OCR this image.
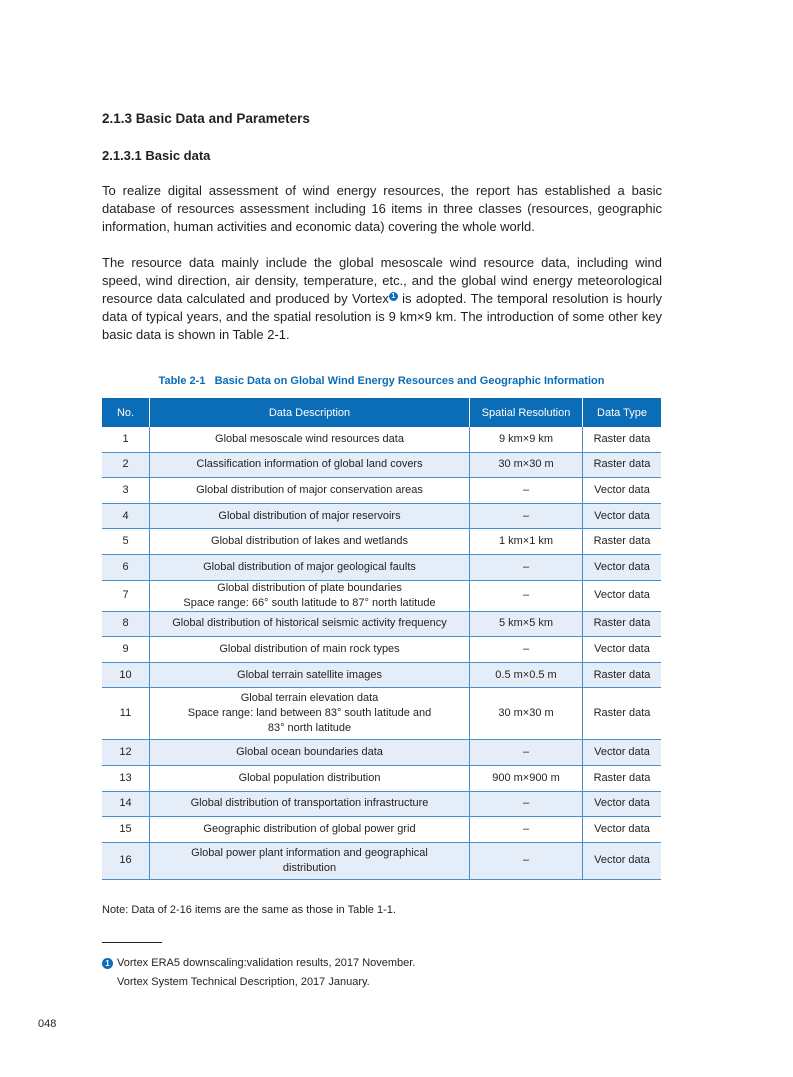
2.1.3 Basic Data and Parameters
2.1.3.1 Basic data

To realize digital assessment of wind energy resources, the report has established a basic database of resources assessment including 16 items in three classes (resources, geographic information, human activities and economic data) covering the whole world.

The resource data mainly include the global mesoscale wind resource data, including wind speed, wind direction, air density, temperature, etc., and the global wind energy meteorological resource data calculated and produced by Vortex $^1$ is adopted. The temporal resolution is hourly data of typical years, and the spatial resolution is 9 km×9 km. The introduction of some other key basic data is shown in Table 2-1.

Table 2-1   Basic Data on Global Wind Energy Resources and Geographic Information
No.	Data Description	Spatial Resolution	Data Type
1	Global mesoscale wind resources data	9 km×9 km	Raster data
2	Classification information of global land covers	30 m×30 m	Raster data
3	Global distribution of major conservation areas	–	Vector data
4	Global distribution of major reservoirs	–	Vector data
5	Global distribution of lakes and wetlands	1 km×1 km	Raster data
6	Global distribution of major geological faults	–	Vector data
7	Global distribution of plate boundaries
Space range: 66° south latitude to 87° north latitude	–	Vector data
8	Global distribution of historical seismic activity frequency	5 km×5 km	Raster data
9	Global distribution of main rock types	–	Vector data
10	Global terrain satellite images	0.5 m×0.5 m	Raster data
11	Global terrain elevation data
Space range: land between 83° south latitude and 83° north latitude	30 m×30 m	Raster data
12	Global ocean boundaries data	–	Vector data
13	Global population distribution	900 m×900 m	Raster data
14	Global distribution of transportation infrastructure	–	Vector data
15	Geographic distribution of global power grid	–	Vector data
16	Global power plant information and geographical distribution	–	Vector data
Note: Data of 2-16 items are the same as those in Table 1-1.
1 Vortex ERA5 downscaling:validation results, 2017 November.
Vortex System Technical Description, 2017 January.
048
